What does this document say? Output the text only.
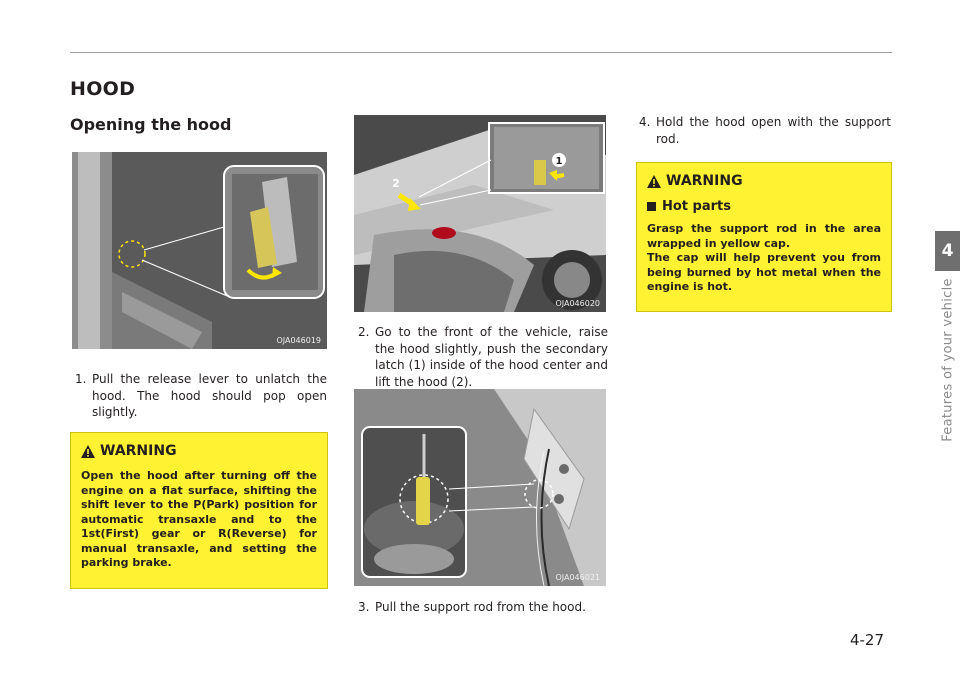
HOOD
Opening the hood
OJA046019
1. Pull the release lever to unlatch the hood. The hood should pop open slightly.
WARNING
Open the hood after turning off the engine on a flat surface, shifting the shift lever to the P(Park) position for automatic transaxle and to the 1st(First) gear or R(Reverse) for manual transaxle, and setting the parking brake.
1
2
OJA046020
2. Go to the front of the vehicle, raise the hood slightly, push the secondary latch (1) inside of the hood center and lift the hood (2).
OJA046021
3. Pull the support rod from the hood.
4. Hold the hood open with the support rod.
WARNING
Hot parts
Grasp the support rod in the area wrapped in yellow cap.
The cap will help prevent you from being burned by hot metal when the engine is hot.
4
Features of your vehicle
4-27
